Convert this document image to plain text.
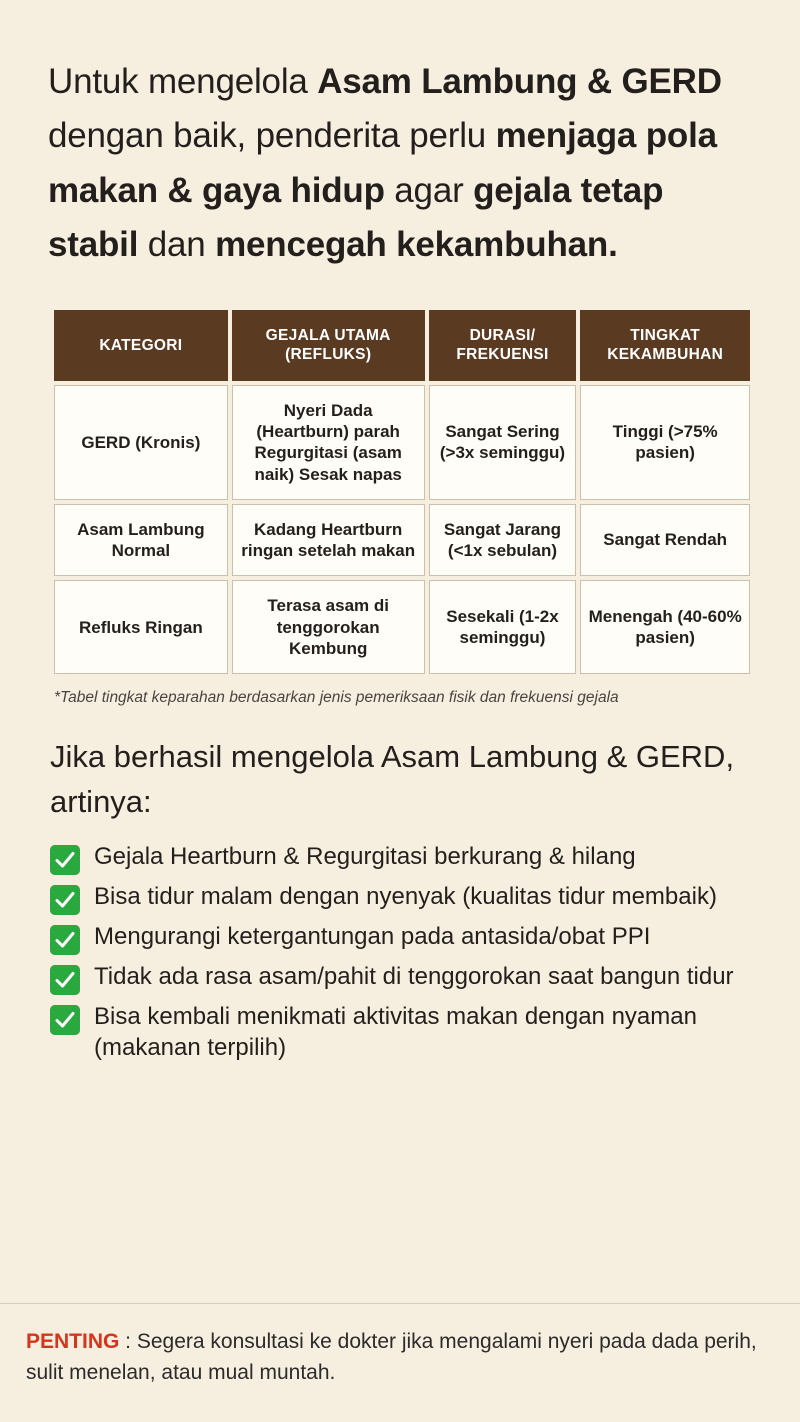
Untuk mengelola Asam Lambung & GERD dengan baik, penderita perlu menjaga pola makan & gaya hidup agar gejala tetap stabil dan mencegah kekambuhan.

KATEGORI	GEJALA UTAMA (REFLUKS)	DURASI/ FREKUENSI	TINGKAT KEKAMBUHAN
GERD (Kronis)	Nyeri Dada (Heartburn) parah Regurgitasi (asam naik) Sesak napas	Sangat Sering (>3x seminggu)	Tinggi (>75% pasien)
Asam Lambung Normal	Kadang Heartburn ringan setelah makan	Sangat Jarang (<1x sebulan)	Sangat Rendah
Refluks Ringan	Terasa asam di tenggorokan Kembung	Sesekali (1-2x seminggu)	Menengah (40-60% pasien)
*Tabel tingkat keparahan berdasarkan jenis pemeriksaan fisik dan frekuensi gejala
Jika berhasil mengelola Asam Lambung & GERD, artinya:
Gejala Heartburn & Regurgitasi berkurang & hilang
Bisa tidur malam dengan nyenyak (kualitas tidur membaik)
Mengurangi ketergantungan pada antasida/obat PPI
Tidak ada rasa asam/pahit di tenggorokan saat bangun tidur
Bisa kembali menikmati aktivitas makan dengan nyaman (makanan terpilih)
PENTING : Segera konsultasi ke dokter jika mengalami nyeri pada dada perih, sulit menelan, atau mual muntah.
